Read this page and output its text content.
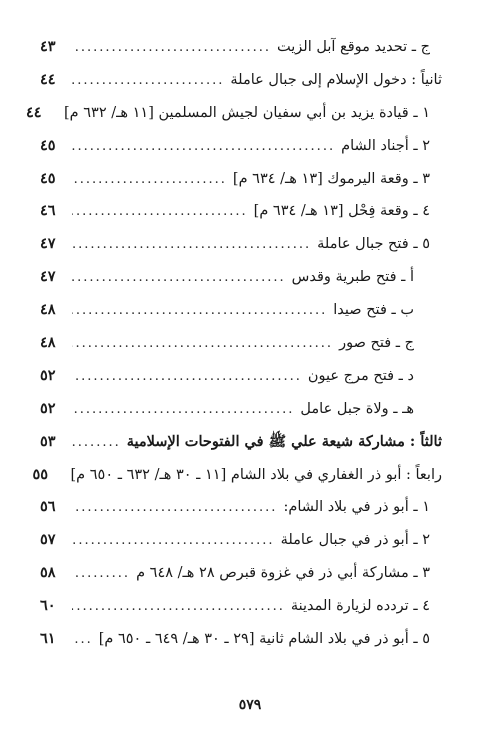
ج ـ تحديد موقع آبل الزيت
.....
٤٣
ثانياً : دخول الإسلام إلى جبال عاملة
.....
٤٤
١ ـ قيادة يزيد بن أبي سفيان لجيش المسلمين [١١ هـ/ ٦٣٢ م]
٤٤
٢ ـ أجناد الشام
.....
٤٥
٣ ـ وقعة اليرموك [١٣ هـ/ ٦٣٤ م]
.....
٤٥
٤ ـ وقعة فِحْل [١٣ هـ/ ٦٣٤ م]
.....
٤٦
٥ ـ فتح جبال عاملة
.....
٤٧
أ ـ فتح طبرية وقدس
.....
٤٧
ب ـ فتح صيدا
.....
٤٨
ج ـ فتح صور
.....
٤٨
د ـ فتح مرج عيون
.....
٥٢
هـ ـ ولاة جبل عامل
.....
٥٢
ثالثاً : مشاركة شيعة علي ﷺ في الفتوحات الإسلامية
.....
٥٣
رابعاً : أبو ذر الغفاري في بلاد الشام [١١ ـ ٣٠ هـ/ ٦٣٢ ـ ٦٥٠ م]
٥٥
١ ـ أبو ذر في بلاد الشام:
.....
٥٦
٢ ـ أبو ذر في جبال عاملة
.....
٥٧
٣ ـ مشاركة أبي ذر في غزوة قبرص ٢٨ هـ/ ٦٤٨ م
.....
٥٨
٤ ـ تردده لزيارة المدينة
.....
٦٠
٥ ـ أبو ذر في بلاد الشام ثانية [٢٩ ـ ٣٠ هـ/ ٦٤٩ ـ ٦٥٠ م]
.....
٦١
٥٧٩
